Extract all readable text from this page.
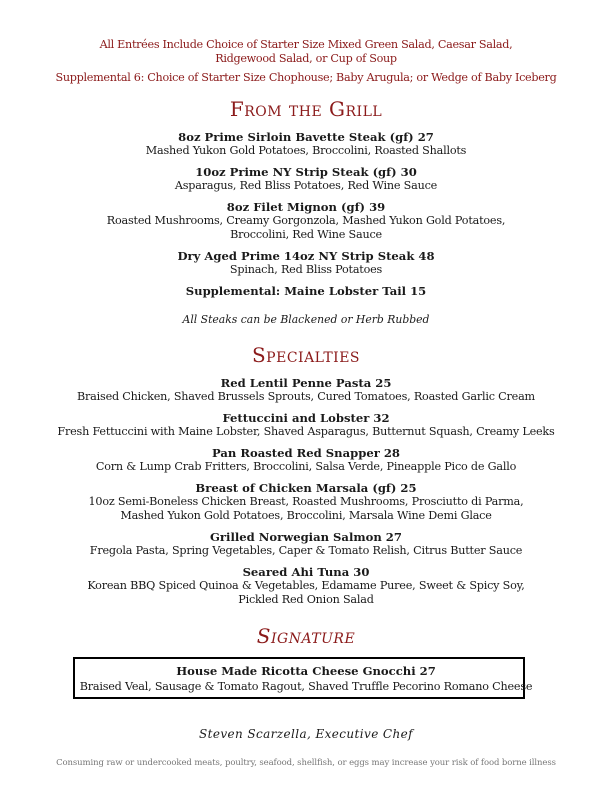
All Entrées Include Choice of Starter Size Mixed Green Salad, Caesar Salad,
Ridgewood Salad, or Cup of Soup
Supplemental 6: Choice of Starter Size Chophouse; Baby Arugula; or Wedge of Baby Iceberg
From the Grill
8oz Prime Sirloin Bavette Steak (gf) 27
Mashed Yukon Gold Potatoes, Broccolini, Roasted Shallots
10oz Prime NY Strip Steak (gf) 30
Asparagus, Red Bliss Potatoes, Red Wine Sauce
8oz Filet Mignon (gf) 39
Roasted Mushrooms, Creamy Gorgonzola, Mashed Yukon Gold Potatoes,
Broccolini, Red Wine Sauce
Dry Aged Prime 14oz NY Strip Steak 48
Spinach, Red Bliss Potatoes
Supplemental: Maine Lobster Tail 15
All Steaks can be Blackened or Herb Rubbed
Specialties
Red Lentil Penne Pasta 25
Braised Chicken, Shaved Brussels Sprouts, Cured Tomatoes, Roasted Garlic Cream
Fettuccini and Lobster 32
Fresh Fettuccini with Maine Lobster, Shaved Asparagus, Butternut Squash, Creamy Leeks
Pan Roasted Red Snapper 28
Corn & Lump Crab Fritters, Broccolini, Salsa Verde, Pineapple Pico de Gallo
Breast of Chicken Marsala (gf) 25
10oz Semi-Boneless Chicken Breast, Roasted Mushrooms, Prosciutto di Parma,
Mashed Yukon Gold Potatoes, Broccolini, Marsala Wine Demi Glace
Grilled Norwegian Salmon 27
Fregola Pasta, Spring Vegetables, Caper & Tomato Relish, Citrus Butter Sauce
Seared Ahi Tuna 30
Korean BBQ Spiced Quinoa & Vegetables, Edamame Puree, Sweet & Spicy Soy,
Pickled Red Onion Salad
Signature
House Made Ricotta Cheese Gnocchi 27
Braised Veal, Sausage & Tomato Ragout, Shaved Truffle Pecorino Romano Cheese
Steven Scarzella, Executive Chef
Consuming raw or undercooked meats, poultry, seafood, shellfish, or eggs may increase your risk of food borne illness
